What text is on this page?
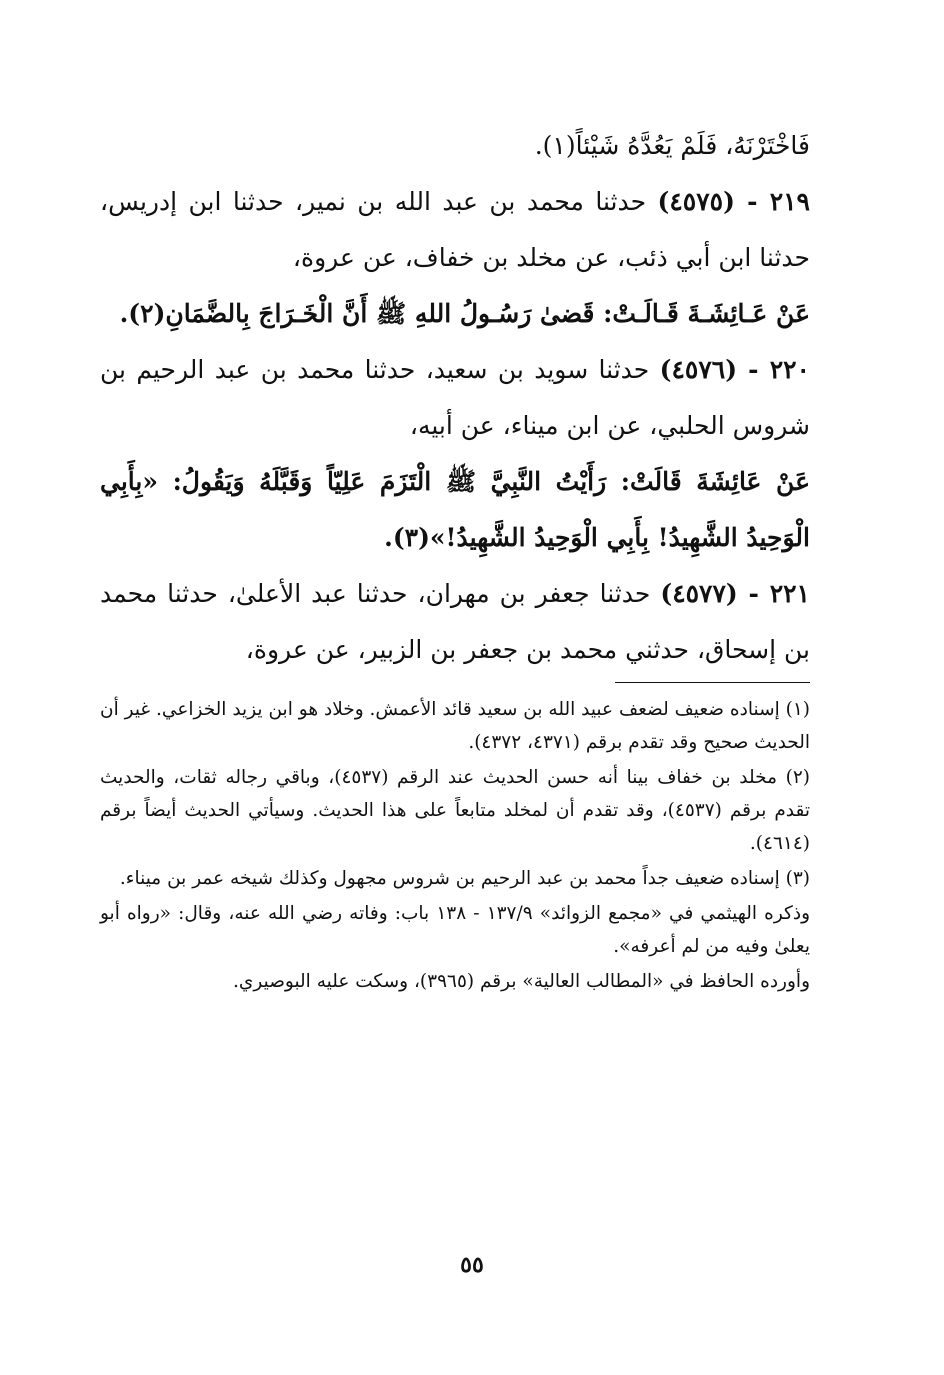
فَاخْتَرْنَهُ، فَلَمْ يَعُدَّهُ شَيْئاً(١).

٢١٩ - (٤٥٧٥) حدثنا محمد بن عبد الله بن نمير، حدثنا ابن إدريس، حدثنا ابن أبي ذئب، عن مخلد بن خفاف، عن عروة،

عَنْ عَـائِشَـةَ قَـالَـتْ: قَضىٰ رَسُـولُ اللهِ ﷺ أَنَّ الْخَـرَاجَ بِالضَّمَانِ(٢).

٢٢٠ - (٤٥٧٦) حدثنا سويد بن سعيد، حدثنا محمد بن عبد الرحيم بن شروس الحلبي، عن ابن ميناء، عن أبيه،

عَنْ عَائِشَةَ قَالَتْ: رَأَيْتُ النَّبِيَّ ﷺ الْتَزَمَ عَلِيّاً وَقَبَّلَهُ وَيَقُولُ: «بِأَبِي الْوَحِيدُ الشَّهِيدُ! بِأَبِي الْوَحِيدُ الشَّهِيدُ!»(٣).

٢٢١ - (٤٥٧٧) حدثنا جعفر بن مهران، حدثنا عبد الأعلىٰ، حدثنا محمد بن إسحاق، حدثني محمد بن جعفر بن الزبير، عن عروة،

(١) إسناده ضعيف لضعف عبيد الله بن سعيد قائد الأعمش. وخلاد هو ابن يزيد الخزاعي. غير أن الحديث صحيح وقد تقدم برقم (٤٣٧١، ٤٣٧٢).

(٢) مخلد بن خفاف بينا أنه حسن الحديث عند الرقم (٤٥٣٧)، وباقي رجاله ثقات، والحديث تقدم برقم (٤٥٣٧)، وقد تقدم أن لمخلد متابعاً على هذا الحديث. وسيأتي الحديث أيضاً برقم (٤٦١٤).

(٣) إسناده ضعيف جداً محمد بن عبد الرحيم بن شروس مجهول وكذلك شيخه عمر بن ميناء.

وذكره الهيثمي في «مجمع الزوائد» ١٣٧/٩ - ١٣٨ باب: وفاته رضي الله عنه، وقال: «رواه أبو يعلىٰ وفيه من لم أعرفه».

وأورده الحافظ في «المطالب العالية» برقم (٣٩٦٥)، وسكت عليه البوصيري.

٥٥
